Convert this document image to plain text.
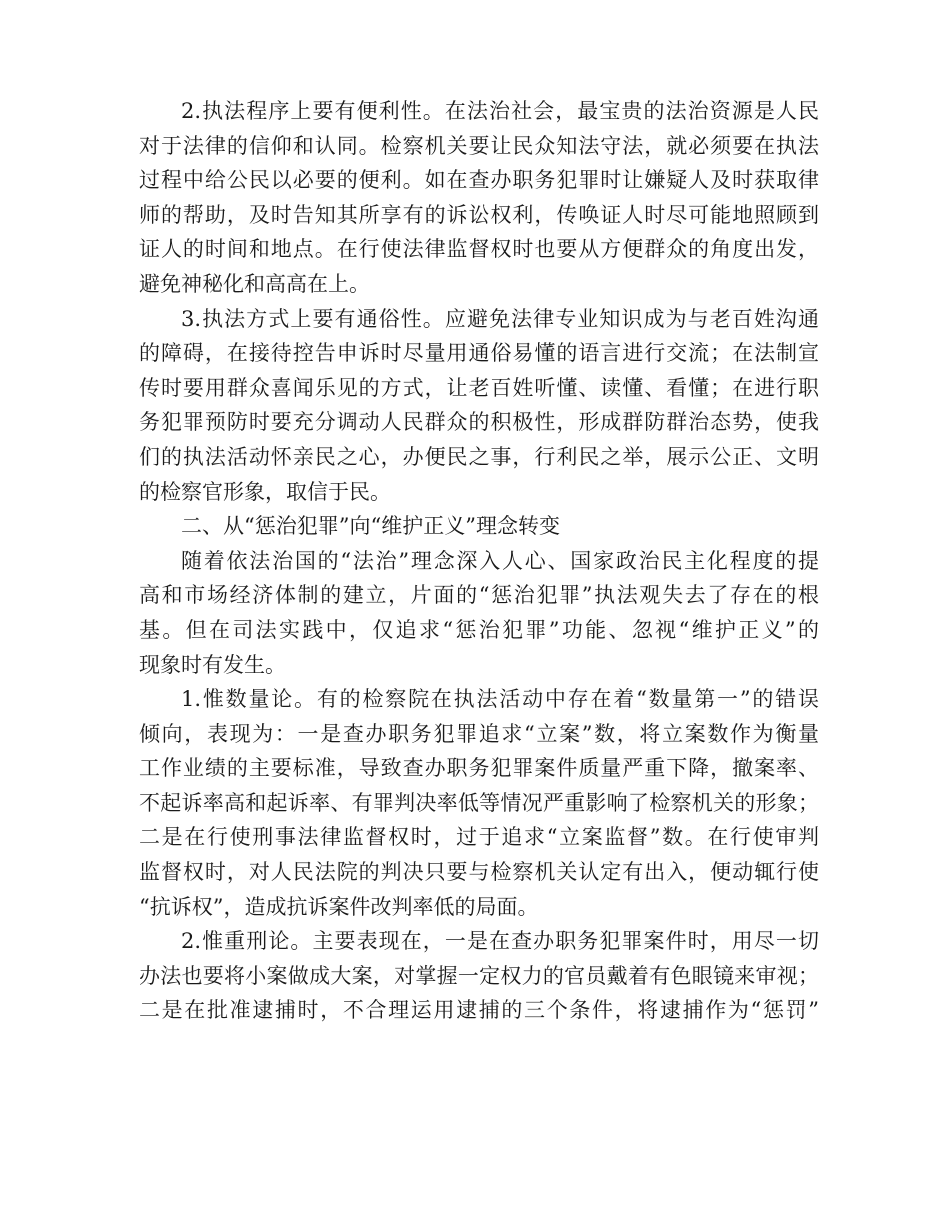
2.执法程序上要有便利性。在法治社会，最宝贵的法治资源是人民
对于法律的信仰和认同。检察机关要让民众知法守法，就必须要在执法
过程中给公民以必要的便利。如在查办职务犯罪时让嫌疑人及时获取律
师的帮助，及时告知其所享有的诉讼权利，传唤证人时尽可能地照顾到
证人的时间和地点。在行使法律监督权时也要从方便群众的角度出发，
避免神秘化和高高在上。
3.执法方式上要有通俗性。应避免法律专业知识成为与老百姓沟通
的障碍，在接待控告申诉时尽量用通俗易懂的语言进行交流；在法制宣
传时要用群众喜闻乐见的方式，让老百姓听懂、读懂、看懂；在进行职
务犯罪预防时要充分调动人民群众的积极性，形成群防群治态势，使我
们的执法活动怀亲民之心，办便民之事，行利民之举，展示公正、文明
的检察官形象，取信于民。
二、从“惩治犯罪”向“维护正义”理念转变
随着依法治国的“法治”理念深入人心、国家政治民主化程度的提
高和市场经济体制的建立，片面的“惩治犯罪”执法观失去了存在的根
基。但在司法实践中，仅追求“惩治犯罪”功能、忽视“维护正义”的
现象时有发生。
1.惟数量论。有的检察院在执法活动中存在着“数量第一”的错误
倾向，表现为：一是查办职务犯罪追求“立案”数，将立案数作为衡量
工作业绩的主要标准，导致查办职务犯罪案件质量严重下降，撤案率、
不起诉率高和起诉率、有罪判决率低等情况严重影响了检察机关的形象；
二是在行使刑事法律监督权时，过于追求“立案监督”数。在行使审判
监督权时，对人民法院的判决只要与检察机关认定有出入，便动辄行使
“抗诉权”，造成抗诉案件改判率低的局面。
2.惟重刑论。主要表现在，一是在查办职务犯罪案件时，用尽一切
办法也要将小案做成大案，对掌握一定权力的官员戴着有色眼镜来审视；
二是在批准逮捕时，不合理运用逮捕的三个条件，将逮捕作为“惩罚”
